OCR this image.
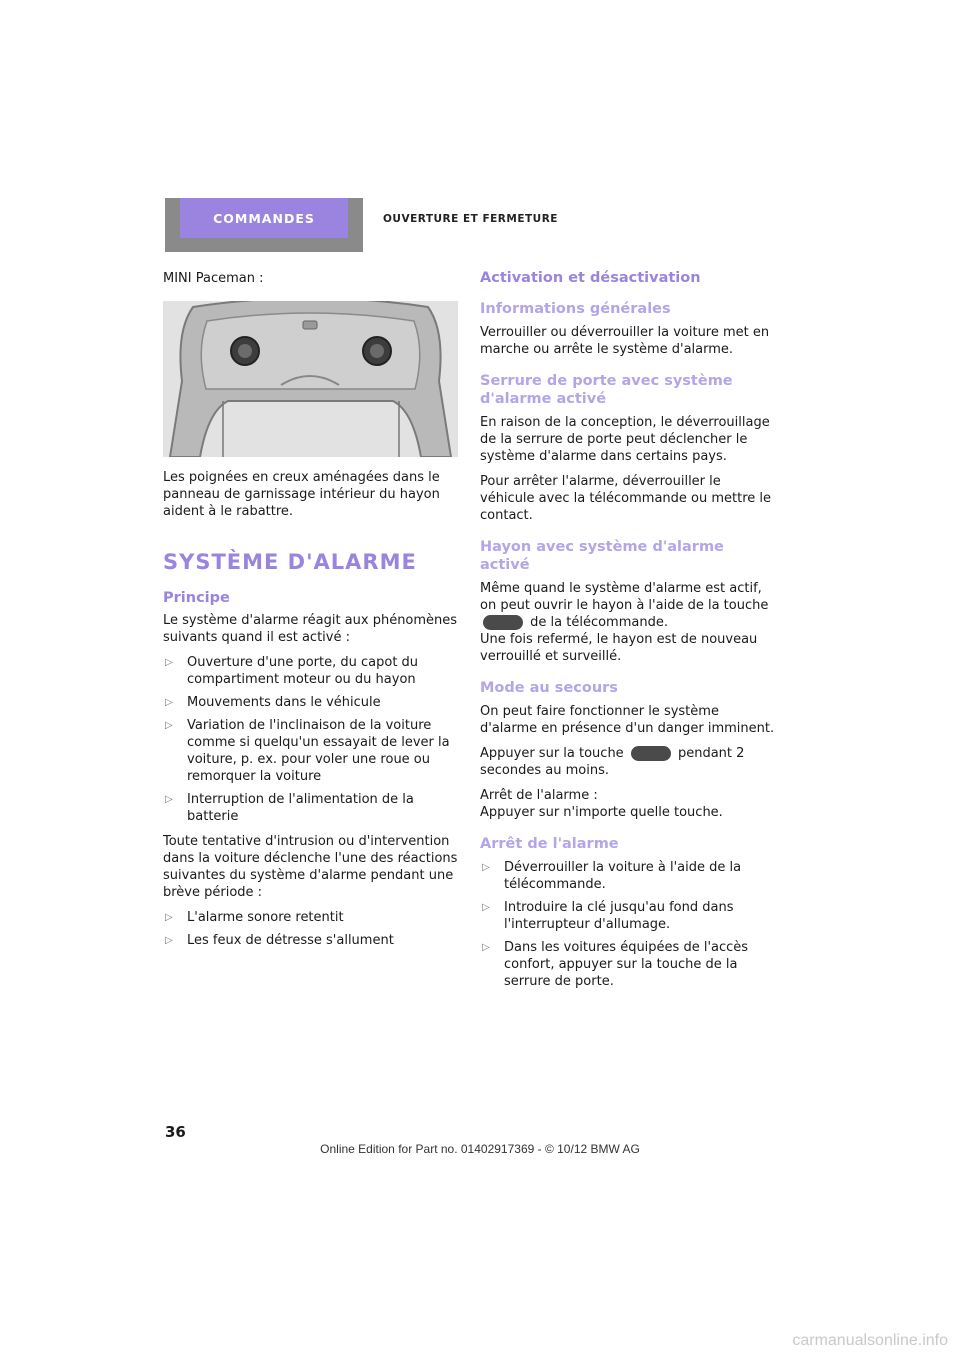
COMMANDES	OUVERTURE ET FERMETURE

MINI Paceman :

Les poignées en creux aménagées dans le panneau de garnissage intérieur du hayon aident à le rabattre.

SYSTÈME D'ALARME
Principe

Le système d'alarme réagit aux phénomènes suivants quand il est activé :

▷ Ouverture d'une porte, du capot du compartiment moteur ou du hayon
▷ Mouvements dans le véhicule
▷ Variation de l'inclinaison de la voiture comme si quelqu'un essayait de lever la voiture, p. ex. pour voler une roue ou remorquer la voiture
▷ Interruption de l'alimentation de la batterie

Toute tentative d'intrusion ou d'intervention dans la voiture déclenche l'une des réactions suivantes du système d'alarme pendant une brève période :

▷ L'alarme sonore retentit
▷ Les feux de détresse s'allument
Activation et désactivation
Informations générales

Verrouiller ou déverrouiller la voiture met en marche ou arrête le système d'alarme.

Serrure de porte avec système d'alarme activé

En raison de la conception, le déverrouillage de la serrure de porte peut déclencher le système d'alarme dans certains pays.

Pour arrêter l'alarme, déverrouiller le véhicule avec la télécommande ou mettre le contact.

Hayon avec système d'alarme activé

Même quand le système d'alarme est actif, on peut ouvrir le hayon à l'aide de la touche  de la télécommande.
Une fois refermé, le hayon est de nouveau verrouillé et surveillé.

Mode au secours

On peut faire fonctionner le système d'alarme en présence d'un danger imminent.

Appuyer sur la touche	pendant 2 secondes au moins.

Arrêt de l'alarme :
Appuyer sur n'importe quelle touche.

Arrêt de l'alarme
▷ Déverrouiller la voiture à l'aide de la télécommande.
▷ Introduire la clé jusqu'au fond dans l'interrupteur d'allumage.
▷ Dans les voitures équipées de l'accès confort, appuyer sur la touche de la serrure de porte.
36
Online Edition for Part no. 01402917369 - © 10/12 BMW AG
carmanualsonline.info
